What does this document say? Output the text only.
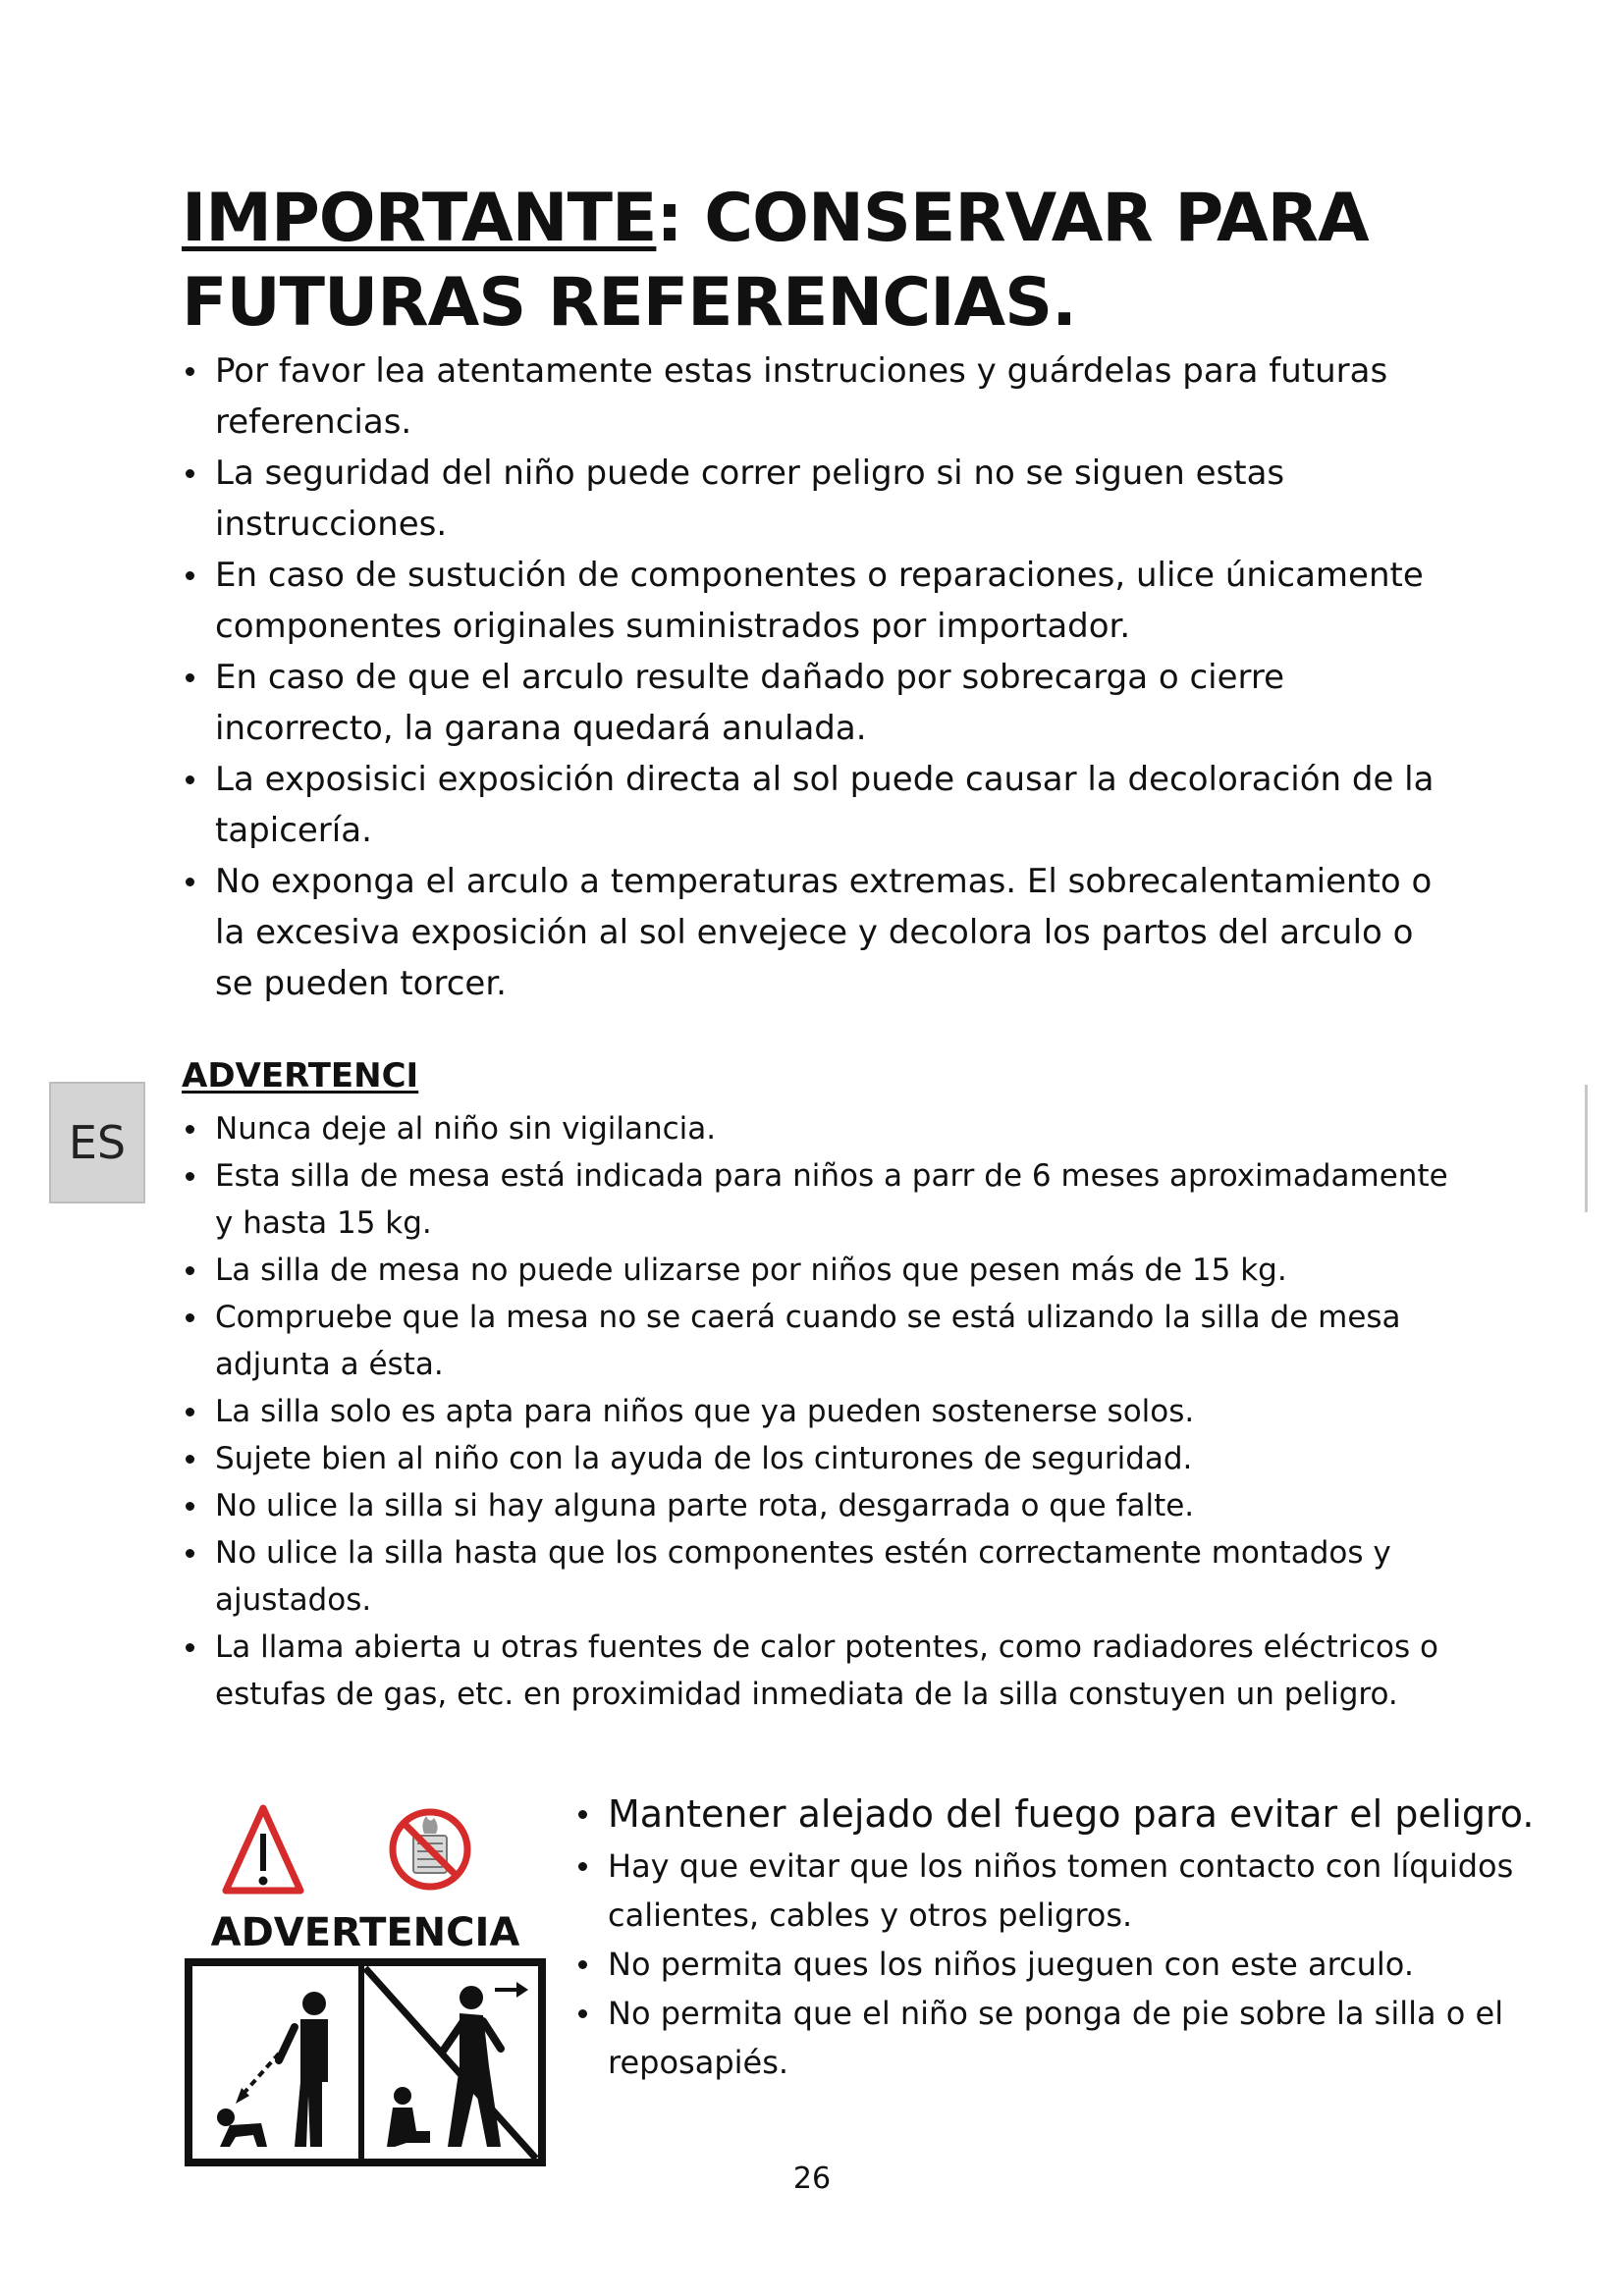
IMPORTANTE: CONSERVAR PARA
FUTURAS REFERENCIAS.
Por favor lea atentamente estas instruciones y guárdelas para futuras referencias.
La seguridad del niño puede correr peligro si no se siguen estas instrucciones.
En caso de sustución de componentes o reparaciones, ulice únicamente componentes originales suministrados por importador.
En caso de que el arculo resulte dañado por sobrecarga o cierre incorrecto, la garana quedará anulada.
La exposisici exposición directa al sol puede causar la decoloración de la tapicería.
No exponga el arculo a temperaturas extremas. El sobrecalentamiento o la excesiva exposición al sol envejece y decolora los partos del arculo o se pueden torcer.
ADVERTENCI
Nunca deje al niño sin vigilancia.
Esta silla de mesa está indicada para niños a parr de 6 meses aproximadamente y hasta 15 kg.
La silla de mesa no puede ulizarse por niños que pesen más de 15 kg.
Compruebe que la mesa no se caerá cuando se está ulizando la silla de mesa adjunta a ésta.
La silla solo es apta para niños que ya pueden sostenerse solos.
Sujete bien al niño con la ayuda de los cinturones de seguridad.
No ulice la silla si hay alguna parte rota, desgarrada o que falte.
No ulice la silla hasta que los componentes estén correctamente montados y ajustados.
La llama abierta u otras fuentes de calor potentes, como radiadores eléctricos o estufas de gas, etc. en proximidad inmediata de la silla constuyen un peligro.
ES
ADVERTENCIA
Mantener alejado del fuego para evitar el peligro.
Hay que evitar que los niños tomen contacto con líquidos calientes, cables y otros peligros.
No permita ques los niños jueguen con este arculo.
No permita que el niño se ponga de pie sobre la silla o el reposapiés.
26
